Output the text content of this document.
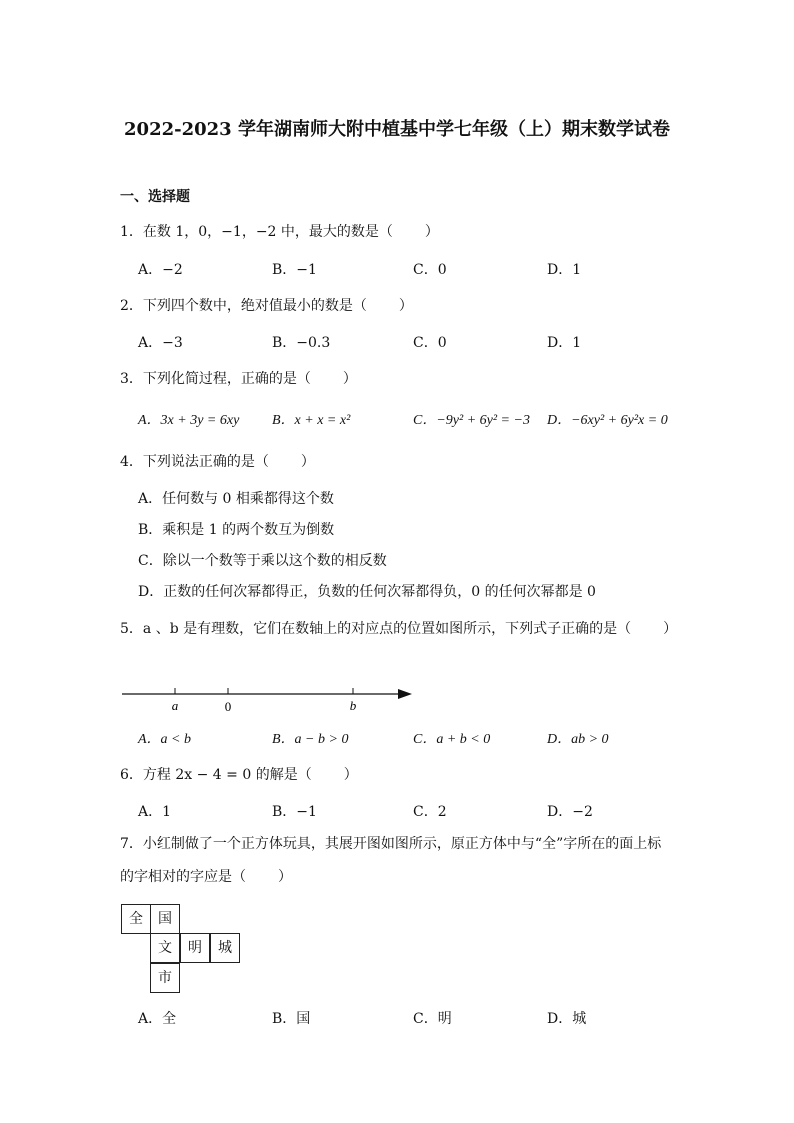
2022-2023 学年湖南师大附中植基中学七年级（上）期末数学试卷
一、选择题
1．在数 1，0，−1，−2 中，最大的数是（ ）
A．−2	B．−1	C．0	D．1
2．下列四个数中，绝对值最小的数是（ ）
A．−3	B．−0.3	C．0	D．1
3．下列化简过程，正确的是（ ）
A．3x + 3y = 6xy B．x + x = x²	C．−9y² + 6y² = −3 D．−6xy² + 6y²x = 0
4．下列说法正确的是（ ）
A．任何数与 0 相乘都得这个数
B．乘积是 1 的两个数互为倒数
C．除以一个数等于乘以这个数的相反数
D．正数的任何次幂都得正，负数的任何次幂都得负，0 的任何次幂都是 0
5．a 、b 是有理数，它们在数轴上的对应点的位置如图所示，下列式子正确的是（ ）
a	0	b
A．a < b	B．a − b > 0	C．a + b < 0	D．ab > 0
6．方程 2x − 4 = 0 的解是（ ）
A．1	B．−1	C．2	D．−2
7．小红制做了一个正方体玩具，其展开图如图所示，原正方体中与“全”字所在的面上标
的字相对的字应是（ ）
全	国
文	明	城
市
A．全	B．国	C．明	D．城
